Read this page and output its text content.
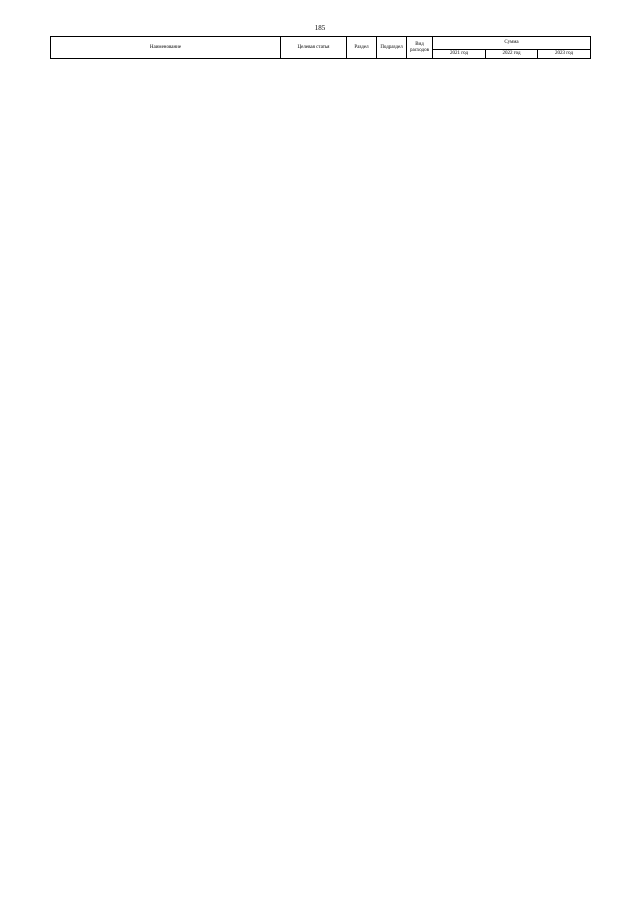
185
Наименование	Целевая статья	Раздел	Подраздел	Вид расходов	Сумма		
					2021 год	2022 год	2023 год
